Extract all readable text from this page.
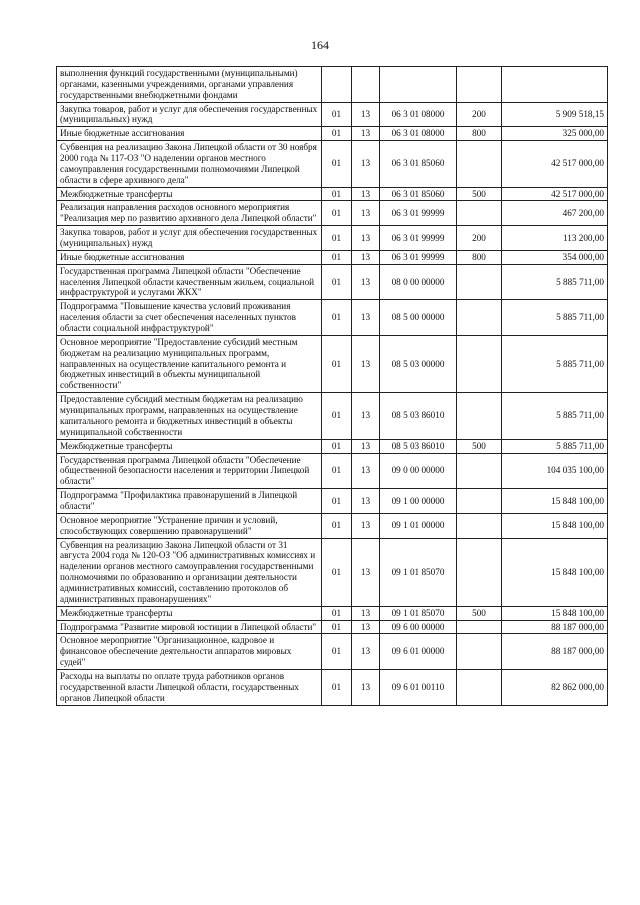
164
выполнения функций государственными (муниципальными) органами, казенными учреждениями, органами управления государственными внебюджетными фондами					
Закупка товаров, работ и услуг для обеспечения государственных (муниципальных) нужд	01	13	06 3 01 08000	200	5 909 518,15
Иные бюджетные ассигнования	01	13	06 3 01 08000	800	325 000,00
Субвенция на реализацию Закона Липецкой области от 30 ноября 2000 года № 117-ОЗ "О наделении органов местного самоуправления государственными полномочиями Липецкой области в сфере архивного дела"	01	13	06 3 01 85060		42 517 000,00
Межбюджетные трансферты	01	13	06 3 01 85060	500	42 517 000,00
Реализация направления расходов основного мероприятия "Реализация мер по развитию архивного дела Липецкой области"	01	13	06 3 01 99999		467 200,00
Закупка товаров, работ и услуг для обеспечения государственных (муниципальных) нужд	01	13	06 3 01 99999	200	113 200,00
Иные бюджетные ассигнования	01	13	06 3 01 99999	800	354 000,00
Государственная программа Липецкой области "Обеспечение населения Липецкой области качественным жильем, социальной инфраструктурой и услугами ЖКХ"	01	13	08 0 00 00000		5 885 711,00
Подпрограмма "Повышение качества условий проживания населения области за счет обеспечения населенных пунктов области социальной инфраструктурой"	01	13	08 5 00 00000		5 885 711,00
Основное мероприятие "Предоставление субсидий местным бюджетам на реализацию муниципальных программ, направленных на осуществление капитального ремонта и бюджетных инвестиций в объекты муниципальной собственности"	01	13	08 5 03 00000		5 885 711,00
Предоставление субсидий местным бюджетам на реализацию муниципальных программ, направленных на осуществление капитального ремонта и бюджетных инвестиций в объекты муниципальной собственности	01	13	08 5 03 86010		5 885 711,00
Межбюджетные трансферты	01	13	08 5 03 86010	500	5 885 711,00
Государственная программа Липецкой области "Обеспечение общественной безопасности населения и территории Липецкой области"	01	13	09 0 00 00000		104 035 100,00
Подпрограмма "Профилактика правонарушений в Липецкой области"	01	13	09 1 00 00000		15 848 100,00
Основное мероприятие "Устранение причин и условий, способствующих совершению правонарушений"	01	13	09 1 01 00000		15 848 100,00
Субвенция на реализацию Закона Липецкой области от 31 августа 2004 года № 120-ОЗ "Об административных комиссиях и наделении органов местного самоуправления государственными полномочиями по образованию и организации деятельности административных комиссий, составлению протоколов об административных правонарушениях"	01	13	09 1 01 85070		15 848 100,00
Межбюджетные трансферты	01	13	09 1 01 85070	500	15 848 100,00
Подпрограмма "Развитие мировой юстиции в Липецкой области"	01	13	09 6 00 00000		88 187 000,00
Основное мероприятие "Организационное, кадровое и финансовое обеспечение деятельности аппаратов мировых судей"	01	13	09 6 01 00000		88 187 000,00
Расходы на выплаты по оплате труда работников органов государственной власти Липецкой области, государственных органов Липецкой области	01	13	09 6 01 00110		82 862 000,00
